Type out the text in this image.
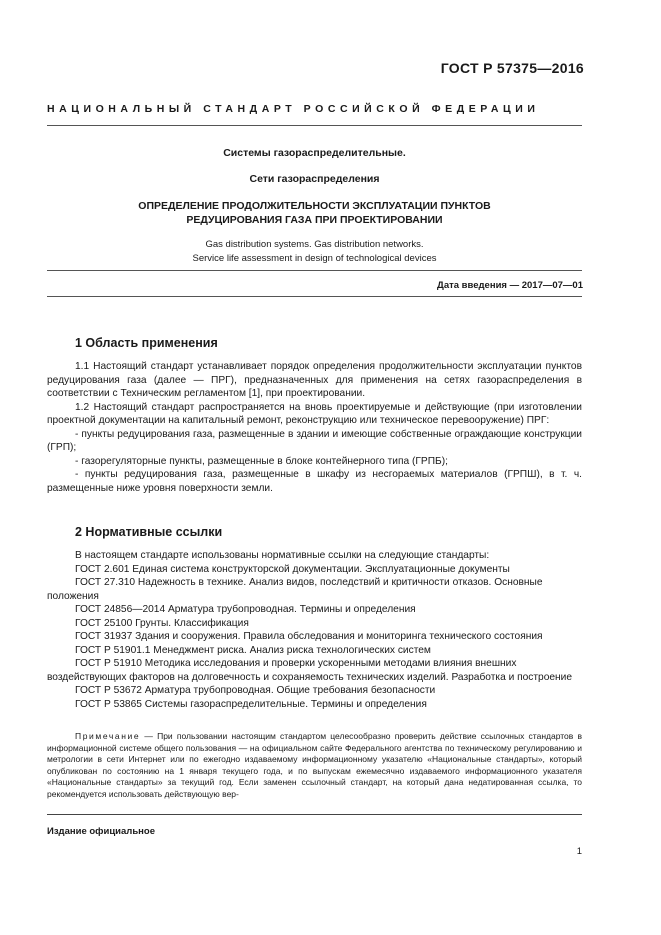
ГОСТ Р 57375—2016
НАЦИОНАЛЬНЫЙ СТАНДАРТ РОССИЙСКОЙ ФЕДЕРАЦИИ
Системы газораспределительные.
Сети газораспределения
ОПРЕДЕЛЕНИЕ ПРОДОЛЖИТЕЛЬНОСТИ ЭКСПЛУАТАЦИИ ПУНКТОВ
РЕДУЦИРОВАНИЯ ГАЗА ПРИ ПРОЕКТИРОВАНИИ
Gas distribution systems. Gas distribution networks.
Service life assessment in design of technological devices
Дата введения — 2017—07—01
1 Область применения

1.1 Настоящий стандарт устанавливает порядок определения продолжительности эксплуатации пунктов редуцирования газа (далее — ПРГ), предназначенных для применения на сетях газораспределения в соответствии с Техническим регламентом [1], при проектировании.

1.2 Настоящий стандарт распространяется на вновь проектируемые и действующие (при изготовлении проектной документации на капитальный ремонт, реконструкцию или техническое перевооружение) ПРГ:

- пункты редуцирования газа, размещенные в здании и имеющие собственные ограждающие конструкции (ГРП);

- газорегуляторные пункты, размещенные в блоке контейнерного типа (ГРПБ);

- пункты редуцирования газа, размещенные в шкафу из несгораемых материалов (ГРПШ), в т. ч. размещенные ниже уровня поверхности земли.

2 Нормативные ссылки

В настоящем стандарте использованы нормативные ссылки на следующие стандарты:

ГОСТ 2.601 Единая система конструкторской документации. Эксплуатационные документы

ГОСТ 27.310 Надежность в технике. Анализ видов, последствий и критичности отказов. Основные положения

ГОСТ 24856—2014 Арматура трубопроводная. Термины и определения

ГОСТ 25100 Грунты. Классификация

ГОСТ 31937 Здания и сооружения. Правила обследования и мониторинга технического состояния

ГОСТ Р 51901.1 Менеджмент риска. Анализ риска технологических систем

ГОСТ Р 51910 Методика исследования и проверки ускоренными методами влияния внешних воздействующих факторов на долговечность и сохраняемость технических изделий. Разработка и построение

ГОСТ Р 53672 Арматура трубопроводная. Общие требования безопасности

ГОСТ Р 53865 Системы газораспределительные. Термины и определения

Примечание — При пользовании настоящим стандартом целесообразно проверить действие ссылочных стандартов в информационной системе общего пользования — на официальном сайте Федерального агентства по техническому регулированию и метрологии в сети Интернет или по ежегодно издаваемому информационному указателю «Национальные стандарты», который опубликован по состоянию на 1 января текущего года, и по выпускам ежемесячно издаваемого информационного указателя «Национальные стандарты» за текущий год. Если заменен ссылочный стандарт, на который дана недатированная ссылка, то рекомендуется использовать действующую вер-

Издание официальное
1
